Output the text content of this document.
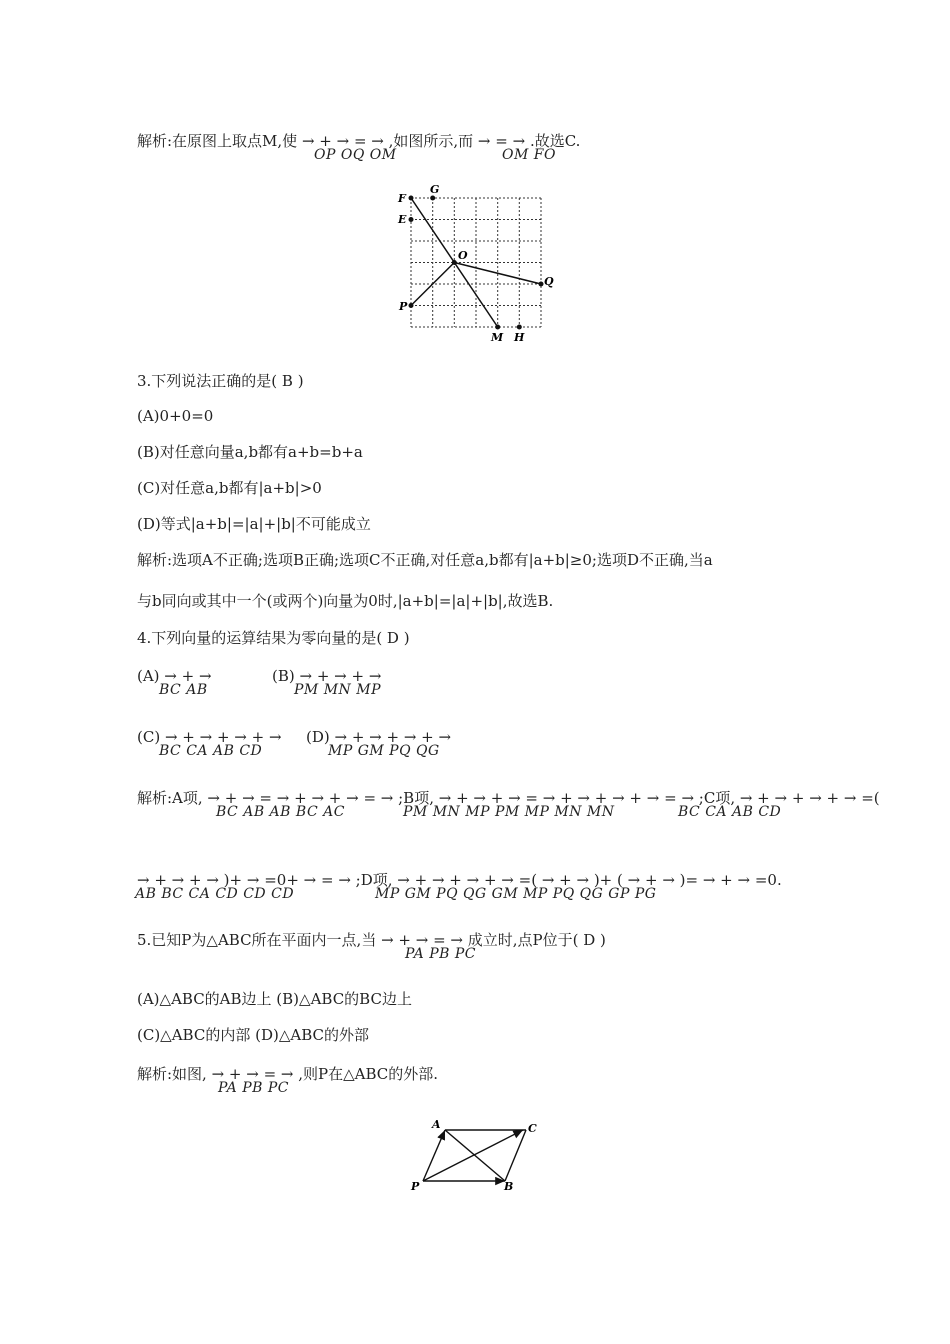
解析:在原图上取点M,使 → + → = → ,如图所示,而 → = → .故选C.
OP OQ OM	OM FO
F
G
E
O
Q
P
M H
3.下列说法正确的是( B )
(A)0+0=0
(B)对任意向量a,b都有a+b=b+a
(C)对任意a,b都有|a+b|>0
(D)等式|a+b|=|a|+|b|不可能成立
解析:选项A不正确;选项B正确;选项C不正确,对任意a,b都有|a+b|≥0;选项D不正确,当a
与b同向或其中一个(或两个)向量为0时,|a+b|=|a|+|b|,故选B.
4.下列向量的运算结果为零向量的是( D )
(A) → + →
BC AB
(B) → + → + →
PM MN MP
(C) → + → + → + →
BC CA AB CD
(D) → + → + → + →
MP GM PQ QG
解析:A项, → + → = → + → + → = → ;B项, → + → + → = → + → + → + → = → ;C项, → + → + → + → =(
BC AB AB BC AC	PM MN MP PM MP MN MN	BC CA AB CD
→ + → + → )+ → =0+ → = → ;D项, → + → + → + → =( → + → )+ ( → + → )= → + → =0.
AB BC CA CD CD CD	MP GM PQ QG GM MP PQ QG GP PG
5.已知P为△ABC所在平面内一点,当 → + → = → 成立时,点P位于( D )
PA PB PC
(A)△ABC的AB边上 (B)△ABC的BC边上
(C)△ABC的内部 (D)△ABC的外部
解析:如图, → + → = → ,则P在△ABC的外部.
PA PB PC
A	C
P	B
